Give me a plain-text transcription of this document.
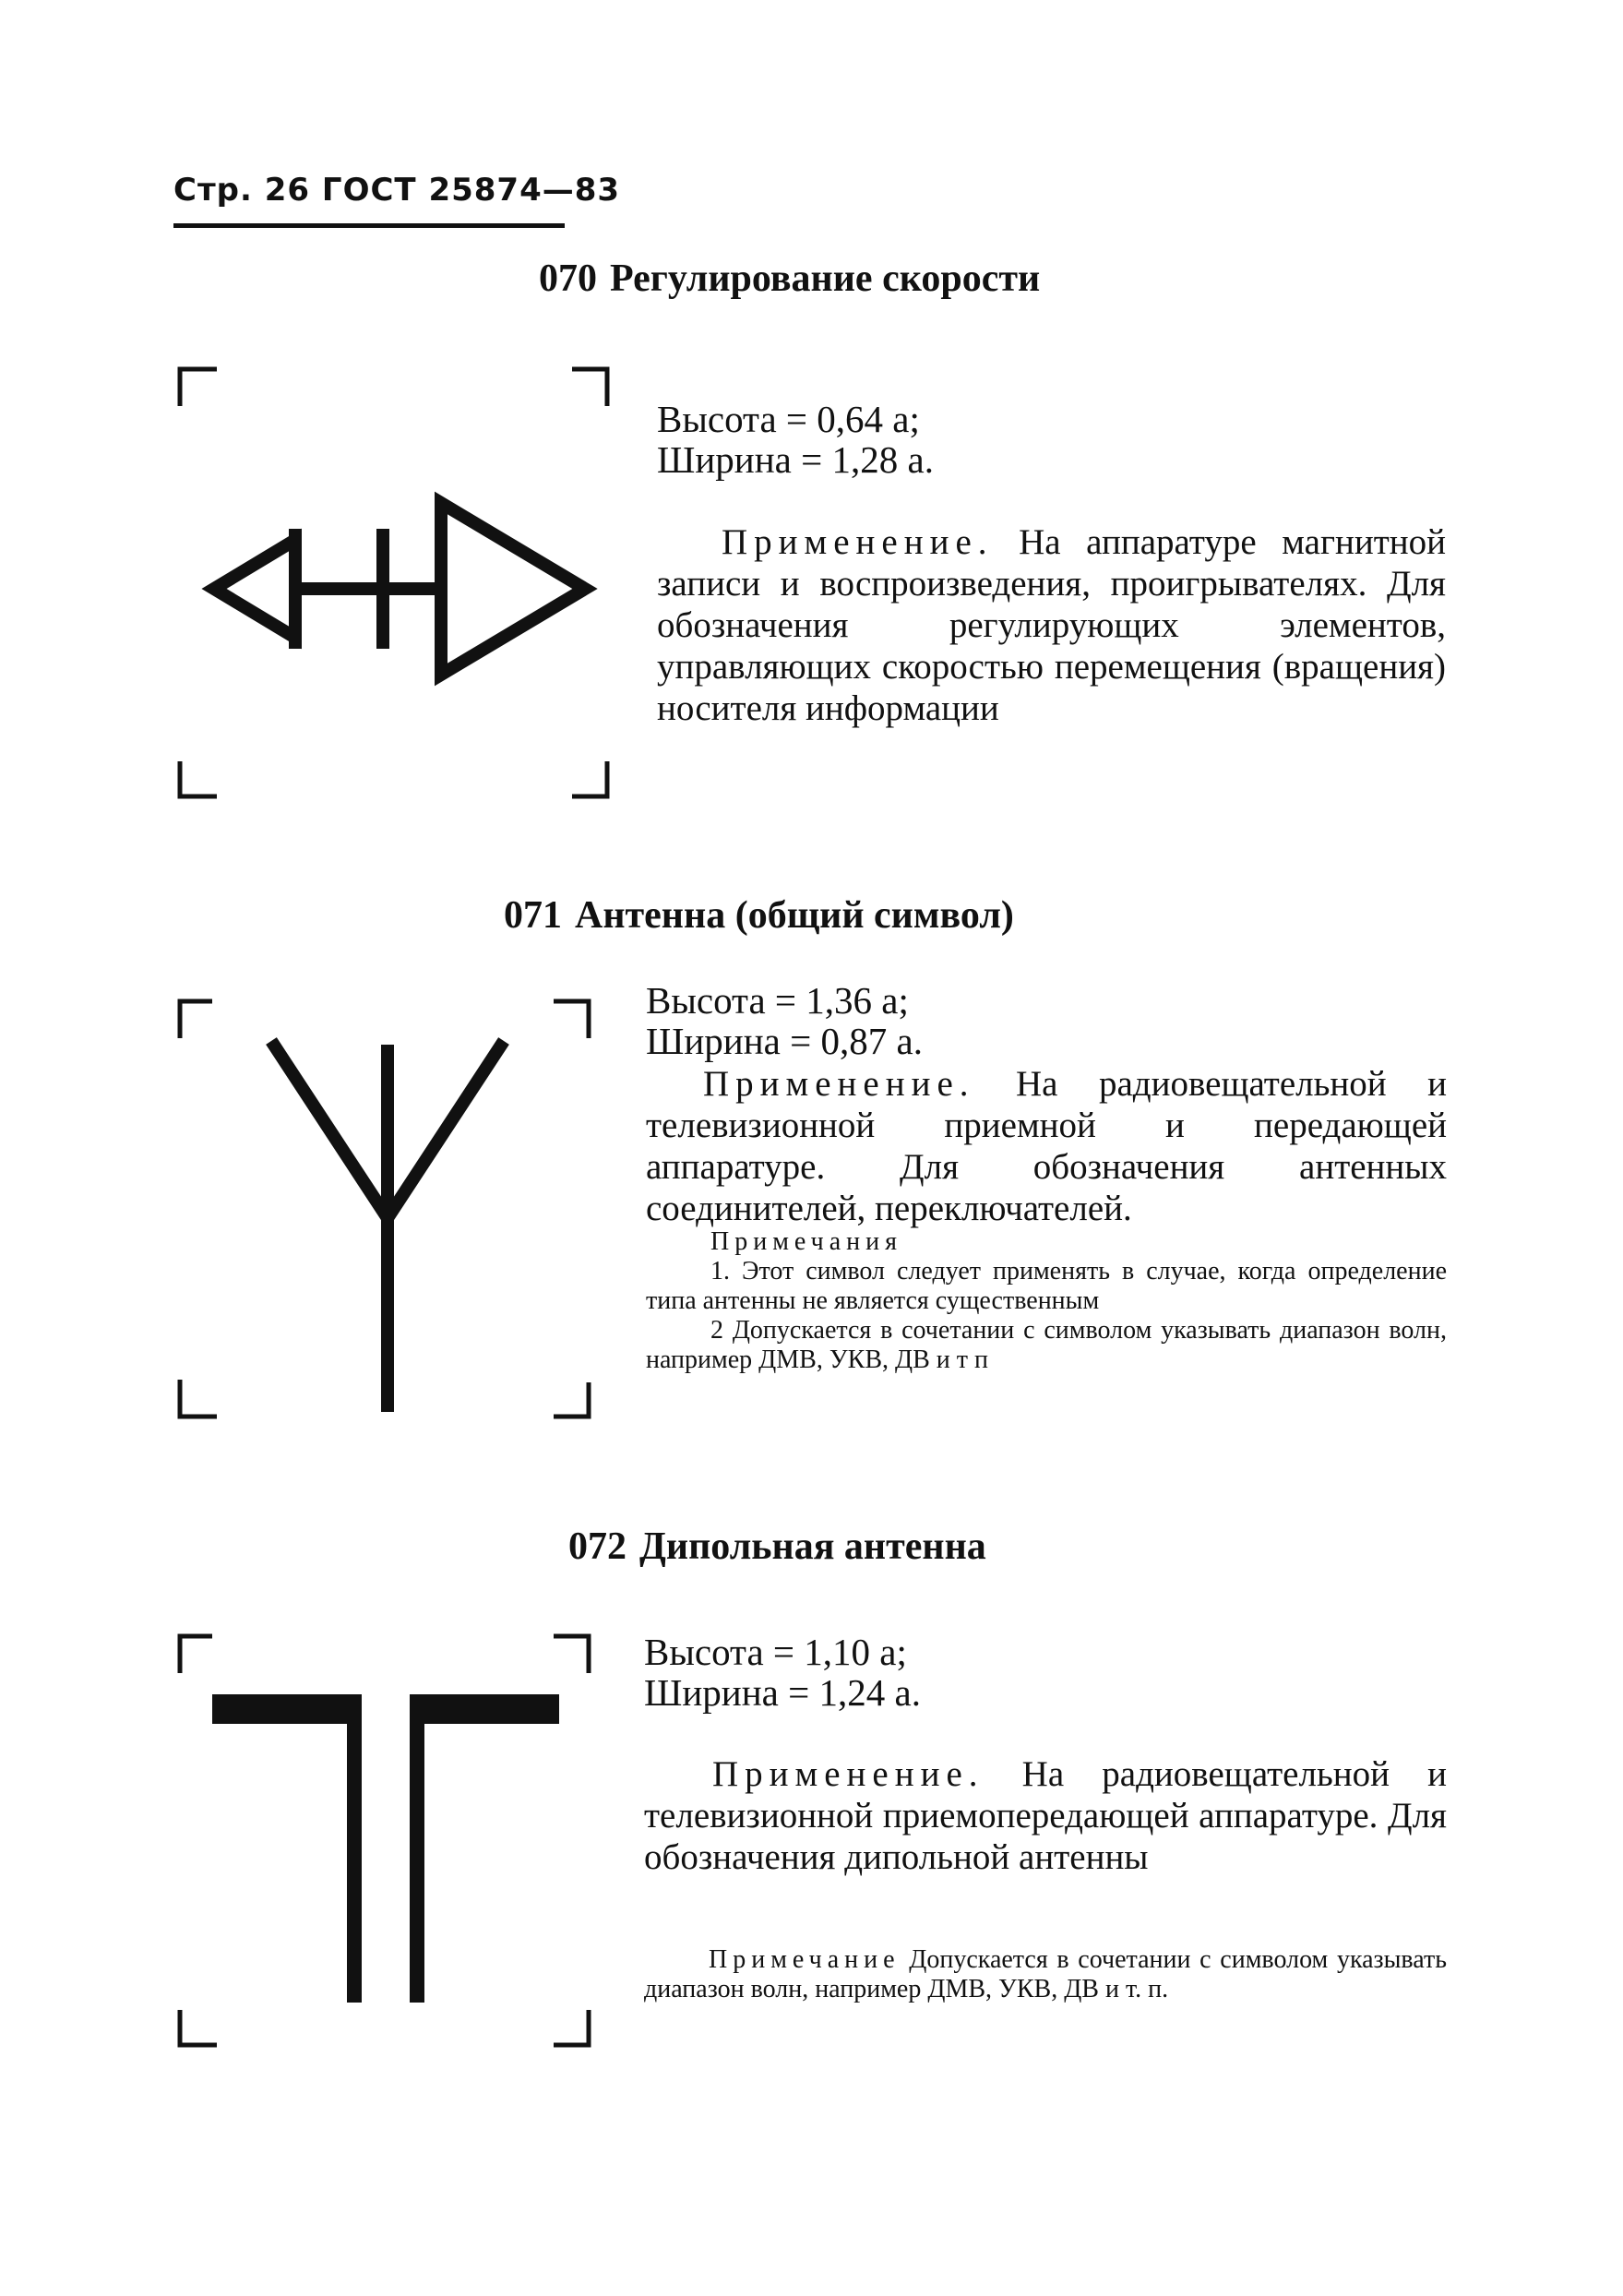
Стр. 26 ГОСТ 25874—83
070 Регулирование скорости
Высота = 0,64 a;
Ширина = 1,28 a.
Применение. На аппаратуре магнитной записи и воспроизведения, проигрывателях. Для обозначения регулирующих элементов, управляющих скоростью перемещения (вращения) носителя информации
071 Антенна (общий символ)
Высота = 1,36 a;
Ширина = 0,87 a.
Применение. На радиовещательной и телевизионной приемной и передающей аппаратуре. Для обозначения антенных соединителей, переключателей.

Примечания

1. Этот символ следует применять в случае, когда определение типа антенны не является существенным

2 Допускается в сочетании с символом указывать диапазон волн, например ДМВ, УКВ, ДВ и т п

072 Дипольная антенна
Высота = 1,10 a;
Ширина = 1,24 a.
Применение. На радиовещательной и телевизионной приемопередающей аппаратуре. Для обозначения дипольной антенны
Примечание Допускается в сочетании с символом указывать диапазон волн, например ДМВ, УКВ, ДВ и т. п.
